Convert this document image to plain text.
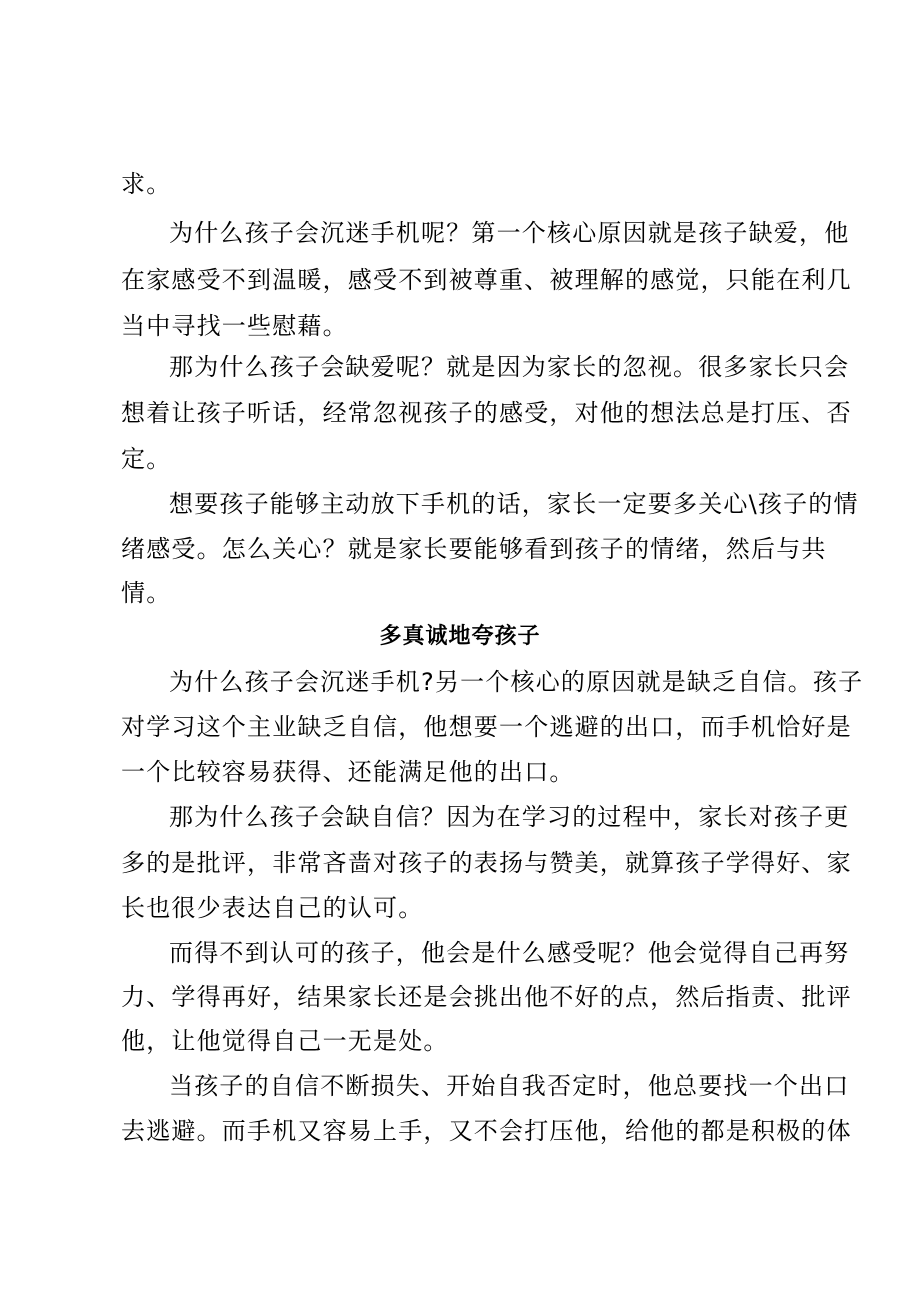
求。
为什么孩子会沉迷手机呢？第一个核心原因就是孩子缺爱，他
在家感受不到温暖，感受不到被尊重、被理解的感觉，只能在利几
当中寻找一些慰藉。
那为什么孩子会缺爱呢？就是因为家长的忽视。很多家长只会
想着让孩子听话，经常忽视孩子的感受，对他的想法总是打压、否
定。
想要孩子能够主动放下手机的话，家长一定要多关心\孩子的情
绪感受。怎么关心？就是家长要能够看到孩子的情绪，然后与共
情。
多真诚地夸孩子
为什么孩子会沉迷手机?另一个核心的原因就是缺乏自信。孩子
对学习这个主业缺乏自信，他想要一个逃避的出口，而手机恰好是
一个比较容易获得、还能满足他的出口。
那为什么孩子会缺自信？因为在学习的过程中，家长对孩子更
多的是批评，非常吝啬对孩子的表扬与赞美，就算孩子学得好、家
长也很少表达自己的认可。
而得不到认可的孩子，他会是什么感受呢？他会觉得自己再努
力、学得再好，结果家长还是会挑出他不好的点，然后指责、批评
他，让他觉得自己一无是处。
当孩子的自信不断损失、开始自我否定时，他总要找一个出口
去逃避。而手机又容易上手，又不会打压他，给他的都是积极的体
